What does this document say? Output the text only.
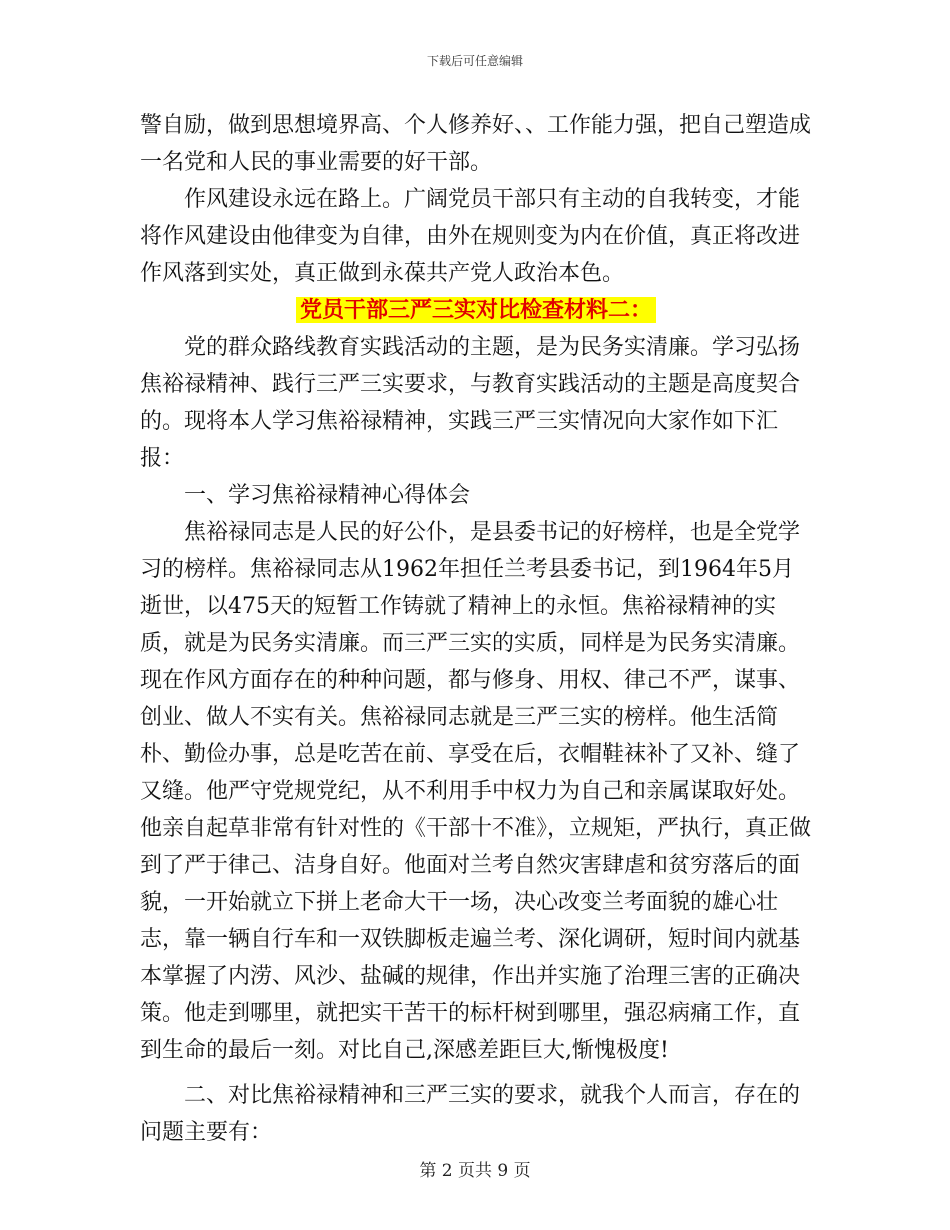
下载后可任意编辑

警自励，做到思想境界高、个人修养好、、工作能力强，把自己塑造成一名党和人民的事业需要的好干部。

作风建设永远在路上。广阔党员干部只有主动的自我转变，才能将作风建设由他律变为自律，由外在规则变为内在价值，真正将改进作风落到实处，真正做到永葆共产党人政治本色。

党员干部三严三实对比检查材料二：

党的群众路线教育实践活动的主题，是为民务实清廉。学习弘扬焦裕禄精神、践行三严三实要求，与教育实践活动的主题是高度契合的。现将本人学习焦裕禄精神，实践三严三实情况向大家作如下汇报：

一、学习焦裕禄精神心得体会

焦裕禄同志是人民的好公仆，是县委书记的好榜样，也是全党学习的榜样。焦裕禄同志从1962年担任兰考县委书记，到1964年5月逝世，以475天的短暂工作铸就了精神上的永恒。焦裕禄精神的实质，就是为民务实清廉。而三严三实的实质，同样是为民务实清廉。现在作风方面存在的种种问题，都与修身、用权、律己不严，谋事、创业、做人不实有关。焦裕禄同志就是三严三实的榜样。他生活简朴、勤俭办事，总是吃苦在前、享受在后，衣帽鞋袜补了又补、缝了又缝。他严守党规党纪，从不利用手中权力为自己和亲属谋取好处。他亲自起草非常有针对性的《干部十不准》，立规矩，严执行，真正做到了严于律己、洁身自好。他面对兰考自然灾害肆虐和贫穷落后的面貌，一开始就立下拼上老命大干一场，决心改变兰考面貌的雄心壮志，靠一辆自行车和一双铁脚板走遍兰考、深化调研，短时间内就基本掌握了内涝、风沙、盐碱的规律，作出并实施了治理三害的正确决策。他走到哪里，就把实干苦干的标杆树到哪里，强忍病痛工作，直到生命的最后一刻。对比自己,深感差距巨大,惭愧极度!

二、对比焦裕禄精神和三严三实的要求，就我个人而言，存在的问题主要有：

第 2 页共 9 页
